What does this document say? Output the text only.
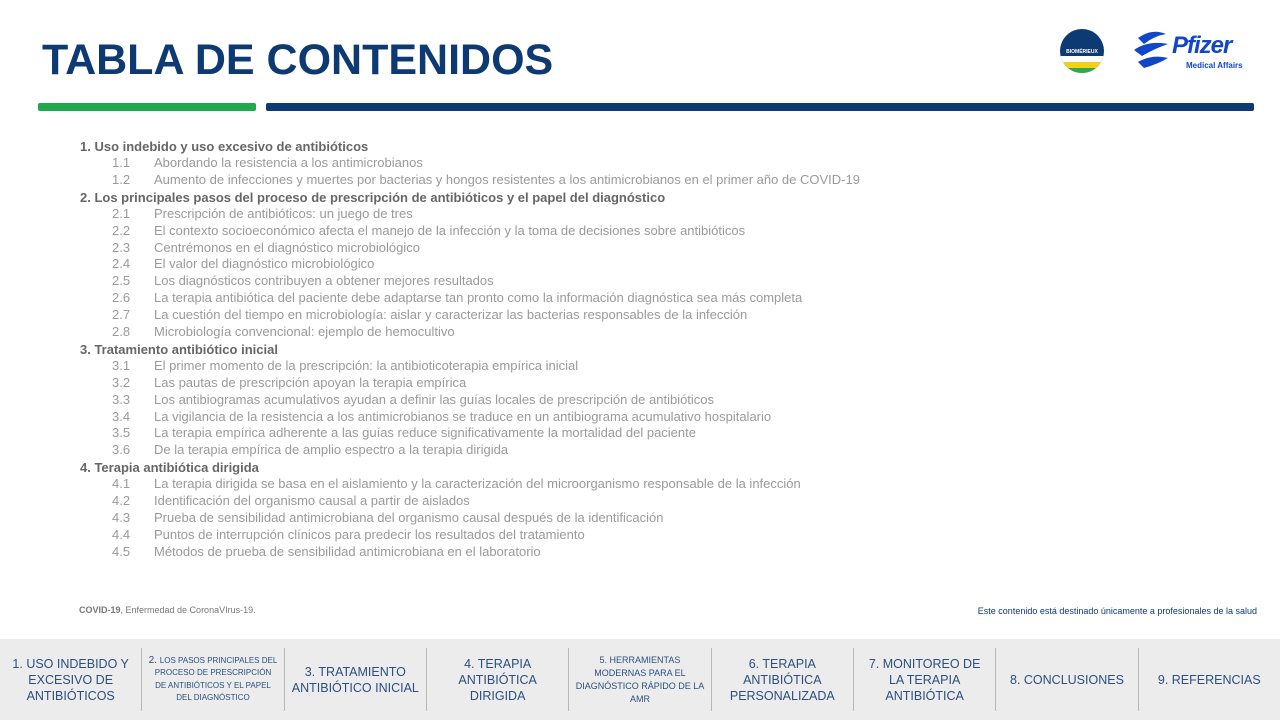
TABLA DE CONTENIDOS	BIOMÉRIEUX	Pfizer
Medical Affairs
1. Uso indebido y uso excesivo de antibióticos
1.1 Abordando la resistencia a los antimicrobianos
1.2 Aumento de infecciones y muertes por bacterias y hongos resistentes a los antimicrobianos en el primer año de COVID-19
2. Los principales pasos del proceso de prescripción de antibióticos y el papel del diagnóstico
2.1 Prescripción de antibióticos: un juego de tres
2.2 El contexto socioeconómico afecta el manejo de la infección y la toma de decisiones sobre antibióticos
2.3 Centrémonos en el diagnóstico microbiológico
2.4 El valor del diagnóstico microbiológico
2.5 Los diagnósticos contribuyen a obtener mejores resultados
2.6 La terapia antibiótica del paciente debe adaptarse tan pronto como la información diagnóstica sea más completa
2.7 La cuestión del tiempo en microbiología: aislar y caracterizar las bacterias responsables de la infección
2.8 Microbiología convencional: ejemplo de hemocultivo
3. Tratamiento antibiótico inicial
3.1 El primer momento de la prescripción: la antibioticoterapia empírica inicial
3.2 Las pautas de prescripción apoyan la terapia empírica
3.3 Los antibiogramas acumulativos ayudan a definir las guías locales de prescripción de antibióticos
3.4 La vigilancia de la resistencia a los antimicrobianos se traduce en un antibiograma acumulativo hospitalario
3.5 La terapia empírica adherente a las guías reduce significativamente la mortalidad del paciente
3.6 De la terapia empírica de amplio espectro a la terapia dirigida
4. Terapia antibiótica dirigida
4.1 La terapia dirigida se basa en el aislamiento y la caracterización del microorganismo responsable de la infección
4.2 Identificación del organismo causal a partir de aislados
4.3 Prueba de sensibilidad antimicrobiana del organismo causal después de la identificación
4.4 Puntos de interrupción clínicos para predecir los resultados del tratamiento
4.5 Métodos de prueba de sensibilidad antimicrobiana en el laboratorio
COVID-19, Enfermedad de CoronaVIrus-19.	Este contenido está destinado únicamente a profesionales de la salud
1. USO INDEBIDO Y EXCESIVO DE ANTIBIÓTICOS
2. LOS PASOS PRINCIPALES DEL PROCESO DE PRESCRIPCIÓN DE ANTIBIÓTICOS Y EL PAPEL DEL DIAGNÓSTICO
3. TRATAMIENTO ANTIBIÓTICO INICIAL
4. TERAPIA ANTIBIÓTICA DIRIGIDA
5. HERRAMIENTAS MODERNAS PARA EL DIAGNÓSTICO RÁPIDO DE LA AMR
6. TERAPIA ANTIBIÓTICA PERSONALIZADA
7. MONITOREO DE LA TERAPIA ANTIBIÓTICA
8. CONCLUSIONES	9. REFERENCIAS
